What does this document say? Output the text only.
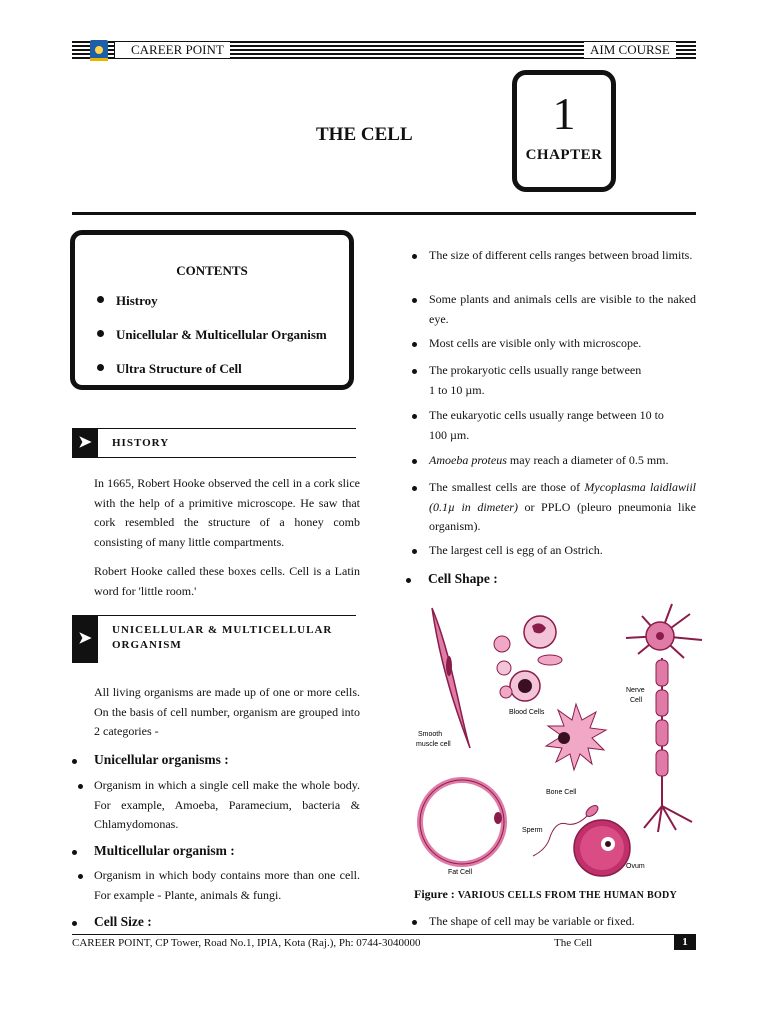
CAREER POINT	AIM COURSE
THE CELL	1
CHAPTER
CONTENTS
Histroy
Unicellular & Multicellular Organism
Ultra Structure of Cell
➤	HISTORY
In 1665, Robert Hooke observed the cell in a cork slice with the help of a primitive microscope. He saw that cork resembled the structure of a honey comb consisting of many little compartments.
Robert Hooke called these boxes cells. Cell is a Latin word for 'little room.'
➤	UNICELLULAR & MULTICELLULAR
ORGANISM
All living organisms are made up of one or more cells. On the basis of cell number, organism are grouped into 2 categories -
Unicellular organisms :
Organism in which a single cell make the whole body. For example, Amoeba, Paramecium, bacteria & Chlamydomonas.
Multicellular organism :
Organism in which body contains more than one cell. For example - Plante, animals & fungi.
Cell Size :
The size of different cells ranges between broad limits.
Some plants and animals cells are visible to the naked eye.
Most cells are visible only with microscope.
The prokaryotic cells usually range between
1 to 10 µm.
The eukaryotic cells usually range between 10 to
100 µm.
Amoeba proteus may reach a diameter of 0.5 mm.
The smallest cells are those of Mycoplasma laidlawiil (0.1µ in dimeter) or PPLO (pleuro pneumonia like organism).
The largest cell is egg of an Ostrich.
Cell Shape :
Smooth
muscle cell
Blood Cells
Nerve
Cell
Bone Cell
Sperm
Fat Cell
Ovum
Figure : VARIOUS CELLS FROM THE HUMAN BODY
The shape of cell may be variable or fixed.
CAREER POINT, CP Tower, Road No.1, IPIA, Kota (Raj.), Ph: 0744-3040000	The Cell	1
